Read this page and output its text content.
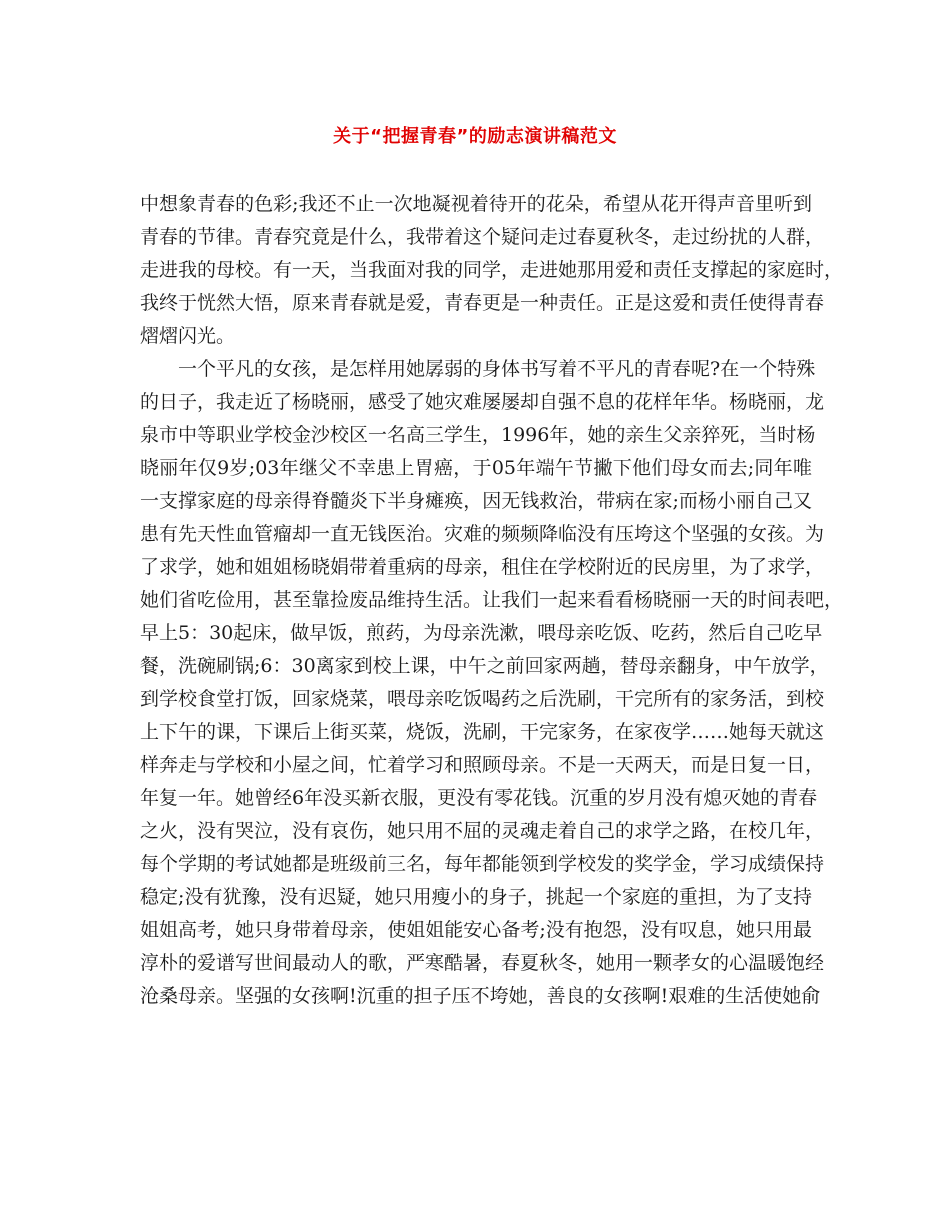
关于“把握青春”的励志演讲稿范文
中想象青春的色彩;我还不止一次地凝视着待开的花朵，希望从花开得声音里听到
青春的节律。青春究竟是什么，我带着这个疑问走过春夏秋冬，走过纷扰的人群，
走进我的母校。有一天，当我面对我的同学，走进她那用爱和责任支撑起的家庭时，
我终于恍然大悟，原来青春就是爱，青春更是一种责任。正是这爱和责任使得青春
熠熠闪光。
一个平凡的女孩，是怎样用她孱弱的身体书写着不平凡的青春呢?在一个特殊
的日子，我走近了杨晓丽，感受了她灾难屡屡却自强不息的花样年华。杨晓丽，龙
泉市中等职业学校金沙校区一名高三学生，1996年，她的亲生父亲猝死，当时杨
晓丽年仅9岁;03年继父不幸患上胃癌，于05年端午节撇下他们母女而去;同年唯
一支撑家庭的母亲得脊髓炎下半身瘫痪，因无钱救治，带病在家;而杨小丽自己又
患有先天性血管瘤却一直无钱医治。灾难的频频降临没有压垮这个坚强的女孩。为
了求学，她和姐姐杨晓娟带着重病的母亲，租住在学校附近的民房里，为了求学，
她们省吃俭用，甚至靠捡废品维持生活。让我们一起来看看杨晓丽一天的时间表吧，
早上5：30起床，做早饭，煎药，为母亲洗漱，喂母亲吃饭、吃药，然后自己吃早
餐，洗碗刷锅;6：30离家到校上课，中午之前回家两趟，替母亲翻身，中午放学，
到学校食堂打饭，回家烧菜，喂母亲吃饭喝药之后洗刷，干完所有的家务活，到校
上下午的课，下课后上街买菜，烧饭，洗刷，干完家务，在家夜学……她每天就这
样奔走与学校和小屋之间，忙着学习和照顾母亲。不是一天两天，而是日复一日，
年复一年。她曾经6年没买新衣服，更没有零花钱。沉重的岁月没有熄灭她的青春
之火，没有哭泣，没有哀伤，她只用不屈的灵魂走着自己的求学之路，在校几年，
每个学期的考试她都是班级前三名，每年都能领到学校发的奖学金，学习成绩保持
稳定;没有犹豫，没有迟疑，她只用瘦小的身子，挑起一个家庭的重担，为了支持
姐姐高考，她只身带着母亲，使姐姐能安心备考;没有抱怨，没有叹息，她只用最
淳朴的爱谱写世间最动人的歌，严寒酷暑，春夏秋冬，她用一颗孝女的心温暖饱经
沧桑母亲。坚强的女孩啊!沉重的担子压不垮她，善良的女孩啊!艰难的生活使她俞
